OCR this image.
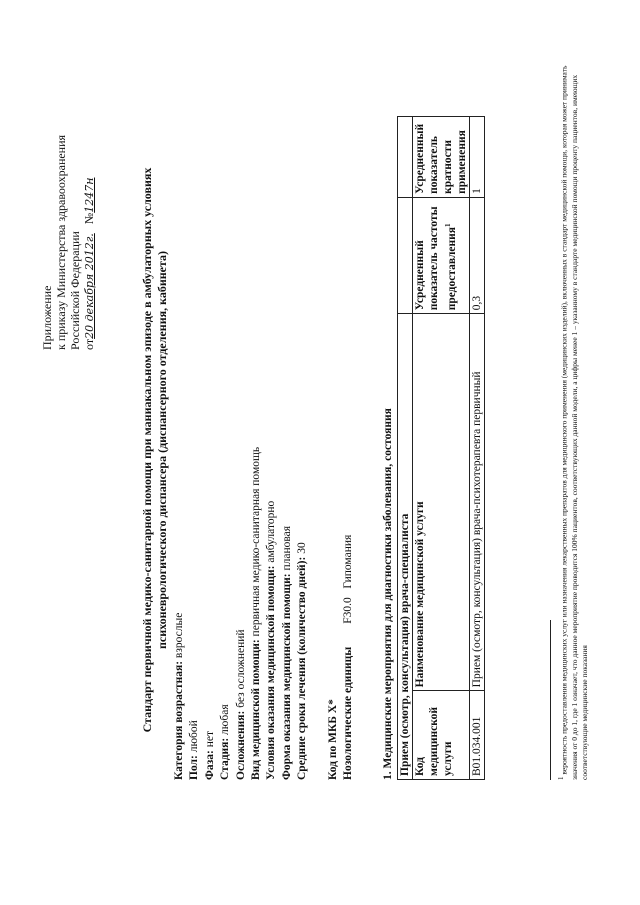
Приложение к приказу Министерства здравоохранения Российской Федерации от20 декабря 2012г.   №1247н	Стандарт первичной медико-санитарной помощи при маниакальном эпизоде в амбулаторных условиях психоневрологического диспансера (диспансерного отделения, кабинета)
Категория возрастная: взрослые
Пол: любой
Фаза: нет Стадия: любая Осложнения: без осложнений Вид медицинской помощи: первичная медико-санитарная помощь
Условия оказания медицинской помощи: амбулаторно
Форма оказания медицинской помощи: плановая
Средние сроки лечения (количество дней): 30

Код по МКБ X* Нозологические единицы        F30.0   Гипомания 1. Медицинские мероприятия для диагностики заболевания, состояния Прием (осмотр, консультация) врача-специалиста			
Код медицинской услуги	Наименование медицинской услуги	Усредненный показатель частоты предоставления$^1$	Усредненный показатель кратности применения
B01.034.001	Прием (осмотр, консультация) врача-психотерапевта первичный	0,3	1
$^1$ вероятность предоставления медицинских услуг или назначения лекарственных препаратов для медицинского применения (медицинских изделий), включенных в стандарт медицинской помощи, которая может принимать значения от 0 до 1, где 1 означает, что данное мероприятие проводится 100% пациентов, соответствующих данной модели, а цифры менее 1 – указанному в стандарте медицинской помощи проценту пациентов, имеющих соответствующие медицинские показания
